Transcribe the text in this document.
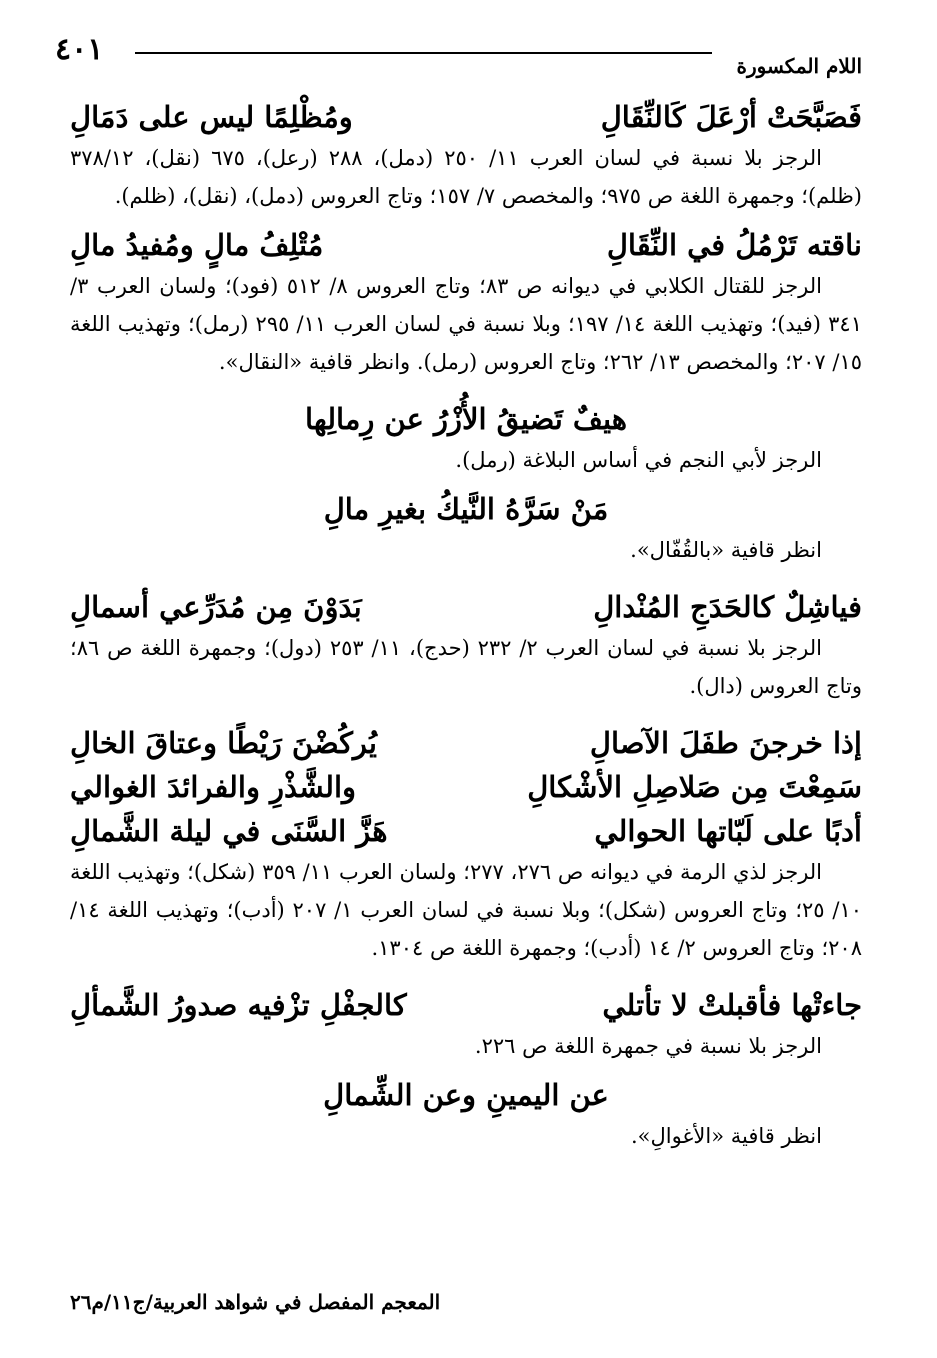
٤٠١	اللام المكسورة
فَصَبَّحَتْ أرْعَلَ كَالنِّقَالِ
ومُظْلِمًا ليس على دَمَالِ

الرجز بلا نسبة في لسان العرب ١١/ ٢٥٠ (دمل)، ٢٨٨ (رعل)، ٦٧٥ (نقل)، ٣٧٨/١٢ (ظلم)؛ وجمهرة اللغة ص ٩٧٥؛ والمخصص ٧/ ١٥٧؛ وتاج العروس (دمل)، (نقل)، (ظلم).

ناقته تَرْمُلُ في النِّقَالِ
مُتْلِفُ مالٍ ومُفيدُ مالِ

الرجز للقتال الكلابي في ديوانه ص ٨٣؛ وتاج العروس ٨/ ٥١٢ (فود)؛ ولسان العرب ٣/ ٣٤١ (فيد)؛ وتهذيب اللغة ١٤/ ١٩٧؛ وبلا نسبة في لسان العرب ١١/ ٢٩٥ (رمل)؛ وتهذيب اللغة ١٥/ ٢٠٧؛ والمخصص ١٣/ ٢٦٢؛ وتاج العروس (رمل). وانظر قافية «النقال».

هيفٌ تَضيقُ الأُزْرُ عن رِمالِها

الرجز لأبي النجم في أساس البلاغة (رمل).

مَنْ سَرَّهُ النَّيكُ بغيرِ مالِ

انظر قافية «بالقُفّال».

فياشِلٌ كالحَدَجِ المُنْدالِ
بَدَوْنَ مِن مُدَرِّعي أسمالِ

الرجز بلا نسبة في لسان العرب ٢/ ٢٣٢ (حدج)، ١١/ ٢٥٣ (دول)؛ وجمهرة اللغة ص ٨٦؛ وتاج العروس (دال).

إذا خرجنَ طفَلَ الآصالِ
يُركُضْنَ رَيْطًا وعتاقَ الخالِ
سَمِعْتَ مِن صَلاصِلِ الأشْكالِ
والشَّذْرِ والفرائدَ الغوالي
أدبًا على لَبّاتها الحوالي
هَزَّ السَّنَى في ليلة الشَّمالِ

الرجز لذي الرمة في ديوانه ص ٢٧٦، ٢٧٧؛ ولسان العرب ١١/ ٣٥٩ (شكل)؛ وتهذيب اللغة ١٠/ ٢٥؛ وتاج العروس (شكل)؛ وبلا نسبة في لسان العرب ١/ ٢٠٧ (أدب)؛ وتهذيب اللغة ١٤/ ٢٠٨؛ وتاج العروس ٢/ ١٤ (أدب)؛ وجمهرة اللغة ص ١٣٠٤.

جاءتْها فأقبلتْ لا تأتلي
كالجفْلِ تزْفيه صدورُ الشَّمألِ

الرجز بلا نسبة في جمهرة اللغة ص ٢٢٦.

عن اليمينِ وعن الشِّمالِ

انظر قافية «الأغوالِ».

المعجم المفصل في شواهد العربية/ج١١/م٢٦
